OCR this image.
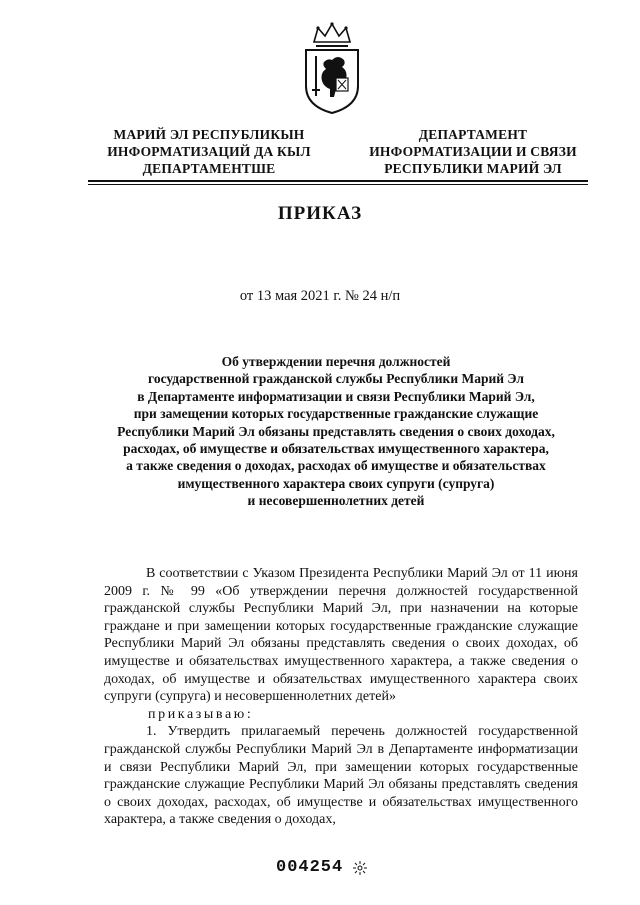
МАРИЙ ЭЛ РЕСПУБЛИКЫН
ИНФОРМАТИЗАЦИЙ ДА КЫЛ
ДЕПАРТАМЕНТШЕ
ДЕПАРТАМЕНТ
ИНФОРМАТИЗАЦИИ И СВЯЗИ
РЕСПУБЛИКИ МАРИЙ ЭЛ
ПРИКАЗ
от 13 мая 2021 г. № 24 н/п
Об утверждении перечня должностей
государственной гражданской службы Республики Марий Эл
в Департаменте информатизации и связи Республики Марий Эл,
при замещении которых государственные гражданские служащие
Республики Марий Эл обязаны представлять сведения о своих доходах,
расходах, об имуществе и обязательствах имущественного характера,
а также сведения о доходах, расходах об имуществе и обязательствах
имущественного характера своих супруги (супруга)
и несовершеннолетних детей

В соответствии с Указом Президента Республики Марий Эл от 11 июня 2009 г. № 99 «Об утверждении перечня должностей государственной гражданской службы Республики Марий Эл, при назначении на которые граждане и при замещении которых государственные гражданские служащие Республики Марий Эл обязаны представлять сведения о своих доходах, об имуществе и обязательствах имущественного характера, а также сведения о доходах, об имуществе и обязательствах имущественного характера своих супруги (супруга) и несовершеннолетних детей»

приказываю:

1. Утвердить прилагаемый перечень должностей государственной гражданской службы Республики Марий Эл в Департаменте информатизации и связи Республики Марий Эл, при замещении которых государственные гражданские служащие Республики Марий Эл обязаны представлять сведения о своих доходах, расходах, об имуществе и обязательствах имущественного характера, а также сведения о доходах,

004254
